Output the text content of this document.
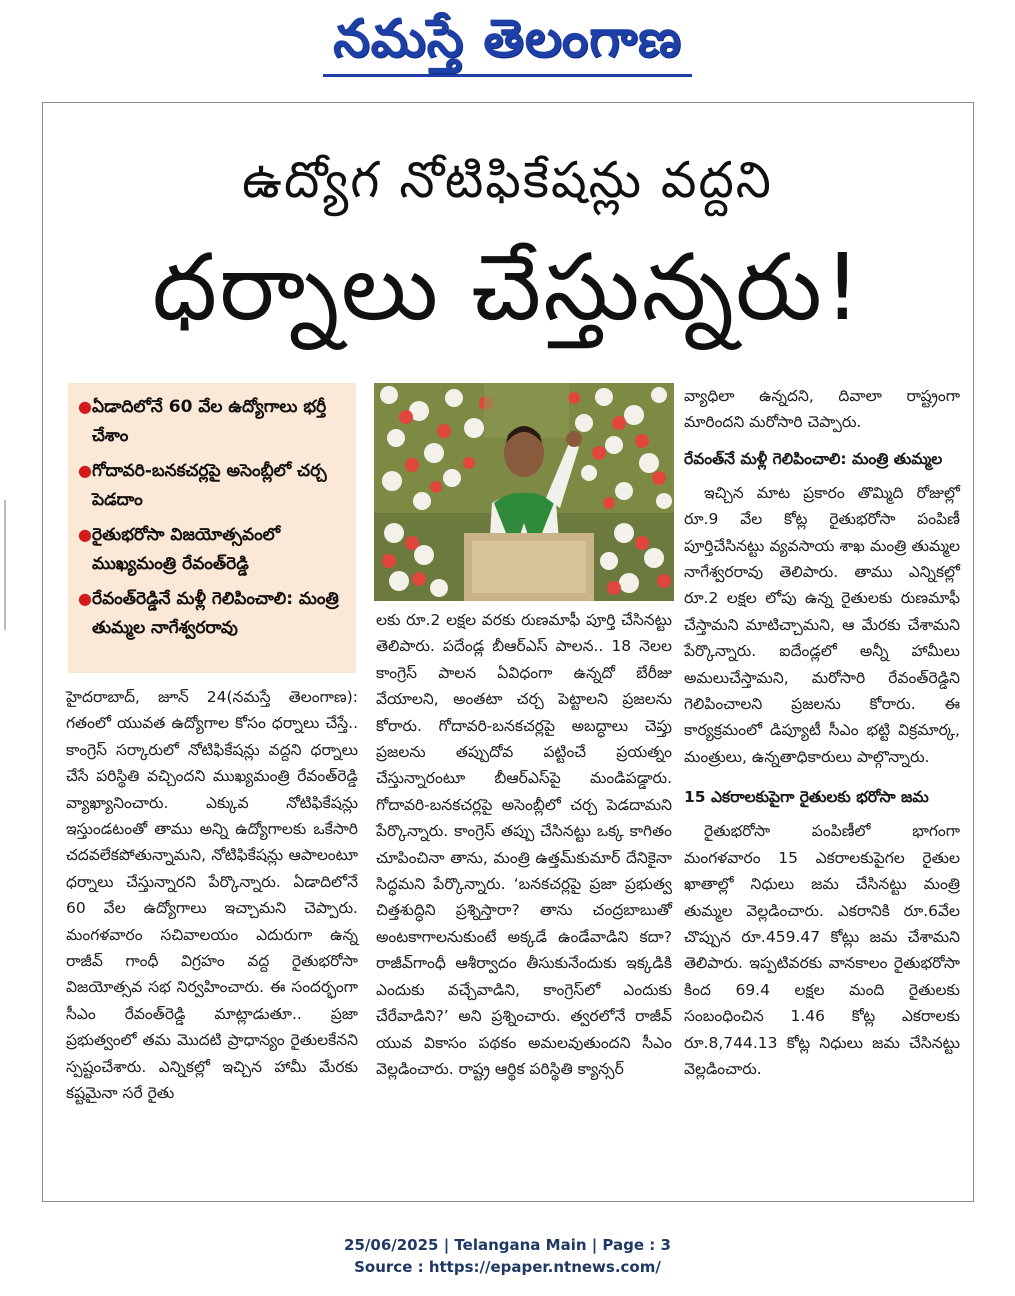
నమస్తే తెలంగాణ
ఉద్యోగ నోటిఫికేషన్లు వద్దని
ధర్నాలు చేస్తున్నరు!
● ఏడాదిలోనే 60 వేల ఉద్యోగాలు భర్తీ చేశాం
● గోదావరి-బనకచర్లపై అసెంబ్లీలో చర్చ పెడదాం
● రైతుభరోసా విజయోత్సవంలో ముఖ్యమంత్రి రేవంత్‌రెడ్డి
● రేవంత్‌రెడ్డినే మళ్లీ గెలిపించాలి: మంత్రి తుమ్మల నాగేశ్వరరావు

హైదరాబాద్, జూన్ 24(నమస్తే తెలంగాణ): గతంలో యువత ఉద్యోగాల కోసం ధర్నాలు చేస్తే.. కాంగ్రెస్ సర్కారులో నోటిఫికేషన్లు వద్దని ధర్నాలు చేసే పరిస్థితి వచ్చిందని ముఖ్యమంత్రి రేవంత్‌రెడ్డి వ్యాఖ్యానించారు. ఎక్కువ నోటిఫికేషన్లు ఇస్తుండటంతో తాము అన్ని ఉద్యోగాలకు ఒకేసారి చదవలేకపోతున్నామని, నోటిఫికేషన్లు ఆపాలంటూ ధర్నాలు చేస్తున్నారని పేర్కొన్నారు. ఏడాదిలోనే 60 వేల ఉద్యోగాలు ఇచ్చామని చెప్పారు. మంగళవారం సచివాలయం ఎదురుగా ఉన్న రాజీవ్ గాంధీ విగ్రహం వద్ద రైతుభరోసా విజయోత్సవ సభ నిర్వహించారు. ఈ సందర్భంగా సీఎం రేవంత్‌రెడ్డి మాట్లాడుతూ.. ప్రజా ప్రభుత్వంలో తమ మొదటి ప్రాధాన్యం రైతులకేనని స్పష్టంచేశారు. ఎన్నికల్లో ఇచ్చిన హామీ మేరకు కష్టమైనా సరే రైతు

లకు రూ.2 లక్షల వరకు రుణమాఫీ పూర్తి చేసినట్టు తెలిపారు. పదేండ్ల బీఆర్‌ఎస్ పాలన.. 18 నెలల కాంగ్రెస్ పాలన ఏవిధంగా ఉన్నదో బేరీజు వేయాలని, అంతటా చర్చ పెట్టాలని ప్రజలను కోరారు. గోదావరి-బనకచర్లపై అబద్ధాలు చెప్తు ప్రజలను తప్పుదోవ పట్టించే ప్రయత్నం చేస్తున్నారంటూ బీఆర్‌ఎస్‌పై మండిపడ్డారు. గోదావరి-బనకచర్లపై అసెంబ్లీలో చర్చ పెడదామని పేర్కొన్నారు. కాంగ్రెస్ తప్పు చేసినట్టు ఒక్క కాగితం చూపించినా తాను, మంత్రి ఉత్తమ్‌కుమార్ దేనికైనా సిద్ధమని పేర్కొన్నారు. ‘బనకచర్లపై ప్రజా ప్రభుత్వ చిత్తశుద్ధిని ప్రశ్నిస్తారా? తాను చంద్రబాబుతో అంటకాగాలనుకుంటే అక్కడే ఉండేవాడిని కదా? రాజీవ్‌గాంధీ ఆశీర్వాదం తీసుకునేందుకు ఇక్కడికి ఎందుకు వచ్చేవాడిని, కాంగ్రెస్‌లో ఎందుకు చేరేవాడిని?’ అని ప్రశ్నించారు. త్వరలోనే రాజీవ్ యువ వికాసం పథకం అమలవుతుందని సీఎం వెల్లడించారు. రాష్ట్ర ఆర్థిక పరిస్థితి క్యాన్సర్

వ్యాధిలా ఉన్నదని, దివాలా రాష్ట్రంగా మారిందని మరోసారి చెప్పారు.

రేవంత్‌నే మళ్లీ గెలిపించాలి: మంత్రి తుమ్మల

ఇచ్చిన మాట ప్రకారం తొమ్మిది రోజుల్లో రూ.9 వేల కోట్ల రైతుభరోసా పంపిణీ పూర్తిచేసినట్టు వ్యవసాయ శాఖ మంత్రి తుమ్మల నాగేశ్వరరావు తెలిపారు. తాము ఎన్నికల్లో రూ.2 లక్షల లోపు ఉన్న రైతులకు రుణమాఫీ చేస్తామని మాటిచ్చామని, ఆ మేరకు చేశామని పేర్కొన్నారు. ఐదేండ్లలో అన్నీ హామీలు అమలుచేస్తామని, మరోసారి రేవంత్‌రెడ్డిని గెలిపించాలని ప్రజలను కోరారు. ఈ కార్యక్రమంలో డిప్యూటీ సీఎం భట్టి విక్రమార్క, మంత్రులు, ఉన్నతాధికారులు పాల్గొన్నారు.

15 ఎకరాలకుపైగా రైతులకు భరోసా జమ

రైతుభరోసా పంపిణీలో భాగంగా మంగళవారం 15 ఎకరాలకుపైగల రైతుల ఖాతాల్లో నిధులు జమ చేసినట్టు మంత్రి తుమ్మల వెల్లడించారు. ఎకరానికి రూ.6వేల చొప్పున రూ.459.47 కోట్లు జమ చేశామని తెలిపారు. ఇప్పటివరకు వానకాలం రైతుభరోసా కింద 69.4 లక్షల మంది రైతులకు సంబంధించిన 1.46 కోట్ల ఎకరాలకు రూ.8,744.13 కోట్ల నిధులు జమ చేసినట్టు వెల్లడించారు.

25/06/2025 | Telangana Main | Page : 3
Source : https://epaper.ntnews.com/
